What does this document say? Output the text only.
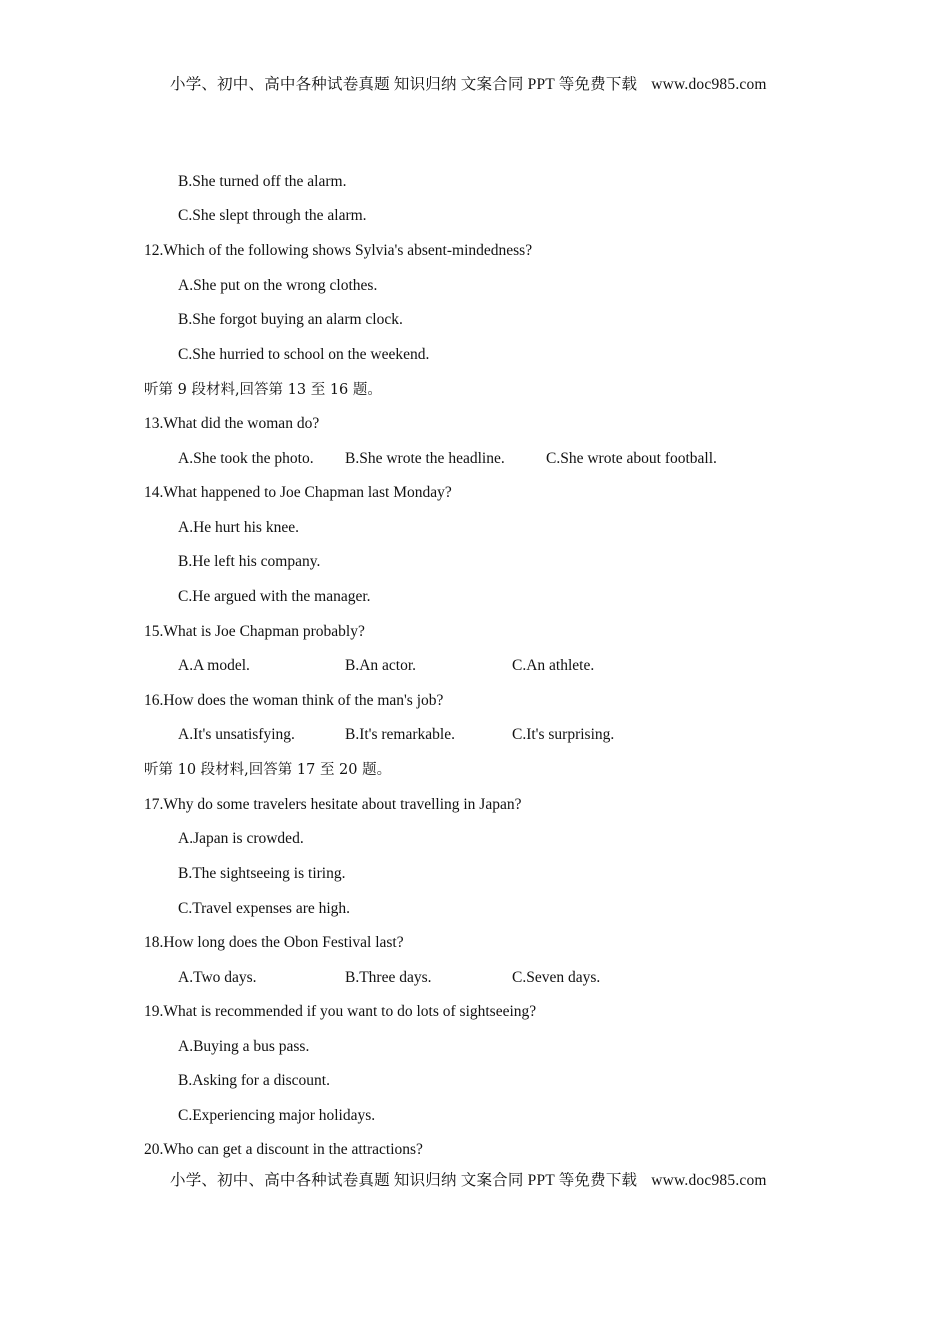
小学、初中、高中各种试卷真题 知识归纳 文案合同 PPT 等免费下载 www.doc985.com
B.She turned off the alarm.
C.She slept through the alarm.
12.Which of the following shows Sylvia's absent-mindedness?
A.She put on the wrong clothes.
B.She forgot buying an alarm clock.
C.She hurried to school on the weekend.
听第 9 段材料,回答第 13 至 16 题。
13.What did the woman do?
A.She took the photo. B.She wrote the headline.	C.She wrote about football.
14.What happened to Joe Chapman last Monday?
A.He hurt his knee.
B.He left his company.
C.He argued with the manager.
15.What is Joe Chapman probably?
A.A model.	B.An actor.	C.An athlete.
16.How does the woman think of the man's job?
A.It's unsatisfying.	B.It's remarkable.	C.It's surprising.
听第 10 段材料,回答第 17 至 20 题。
17.Why do some travelers hesitate about travelling in Japan?
A.Japan is crowded.
B.The sightseeing is tiring.
C.Travel expenses are high.
18.How long does the Obon Festival last?
A.Two days.	B.Three days.	C.Seven days.
19.What is recommended if you want to do lots of sightseeing?
A.Buying a bus pass.
B.Asking for a discount.
C.Experiencing major holidays.
20.Who can get a discount in the attractions?
小学、初中、高中各种试卷真题 知识归纳 文案合同 PPT 等免费下载 www.doc985.com
